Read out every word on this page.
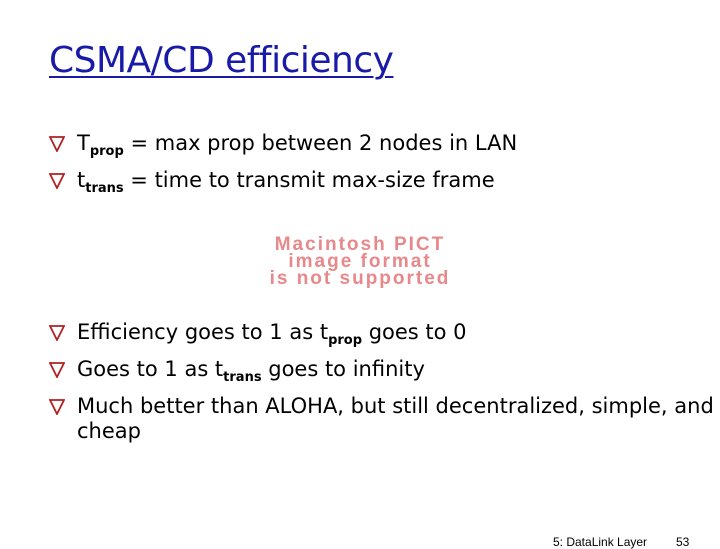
CSMA/CD efficiency
$T_{prop} = \max$ prop between 2 nodes in LAN
$t_{trans}$ = time to transmit max-size frame
Macintosh PICT
image format
is not supported
Efficiency goes to 1 as $t_{prop}$ goes to 0
Goes to 1 as $t_{trans}$ goes to infinity
Much better than ALOHA, but still decentralized, simple, and cheap
5: DataLink Layer 53
